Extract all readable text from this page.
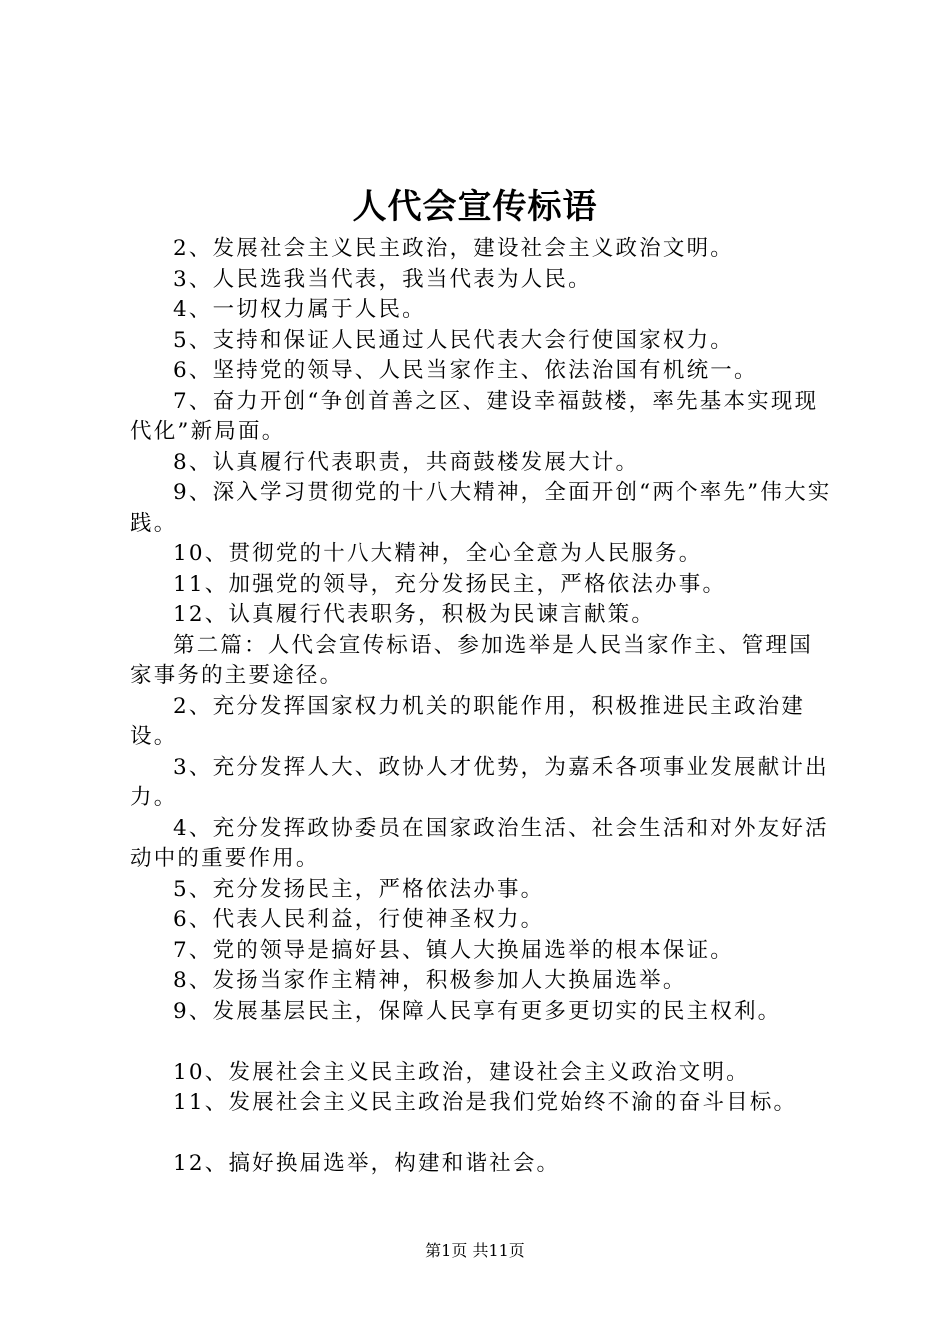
人代会宣传标语

2、发展社会主义民主政治，建设社会主义政治文明。

3、人民选我当代表，我当代表为人民。

4、一切权力属于人民。

5、支持和保证人民通过人民代表大会行使国家权力。

6、坚持党的领导、人民当家作主、依法治国有机统一。

7、奋力开创“争创首善之区、建设幸福鼓楼，率先基本实现现代化”新局面。

8、认真履行代表职责，共商鼓楼发展大计。

9、深入学习贯彻党的十八大精神，全面开创“两个率先”伟大实践。

10、贯彻党的十八大精神，全心全意为人民服务。

11、加强党的领导，充分发扬民主，严格依法办事。

12、认真履行代表职务，积极为民谏言献策。

第二篇：人代会宣传标语、参加选举是人民当家作主、管理国家事务的主要途径。

2、充分发挥国家权力机关的职能作用，积极推进民主政治建设。

3、充分发挥人大、政协人才优势，为嘉禾各项事业发展献计出力。

4、充分发挥政协委员在国家政治生活、社会生活和对外友好活动中的重要作用。

5、充分发扬民主，严格依法办事。

6、代表人民利益，行使神圣权力。

7、党的领导是搞好县、镇人大换届选举的根本保证。

8、发扬当家作主精神，积极参加人大换届选举。

9、发展基层民主，保障人民享有更多更切实的民主权利。

10、发展社会主义民主政治，建设社会主义政治文明。

11、发展社会主义民主政治是我们党始终不渝的奋斗目标。

12、搞好换届选举，构建和谐社会。

第1页 共11页
